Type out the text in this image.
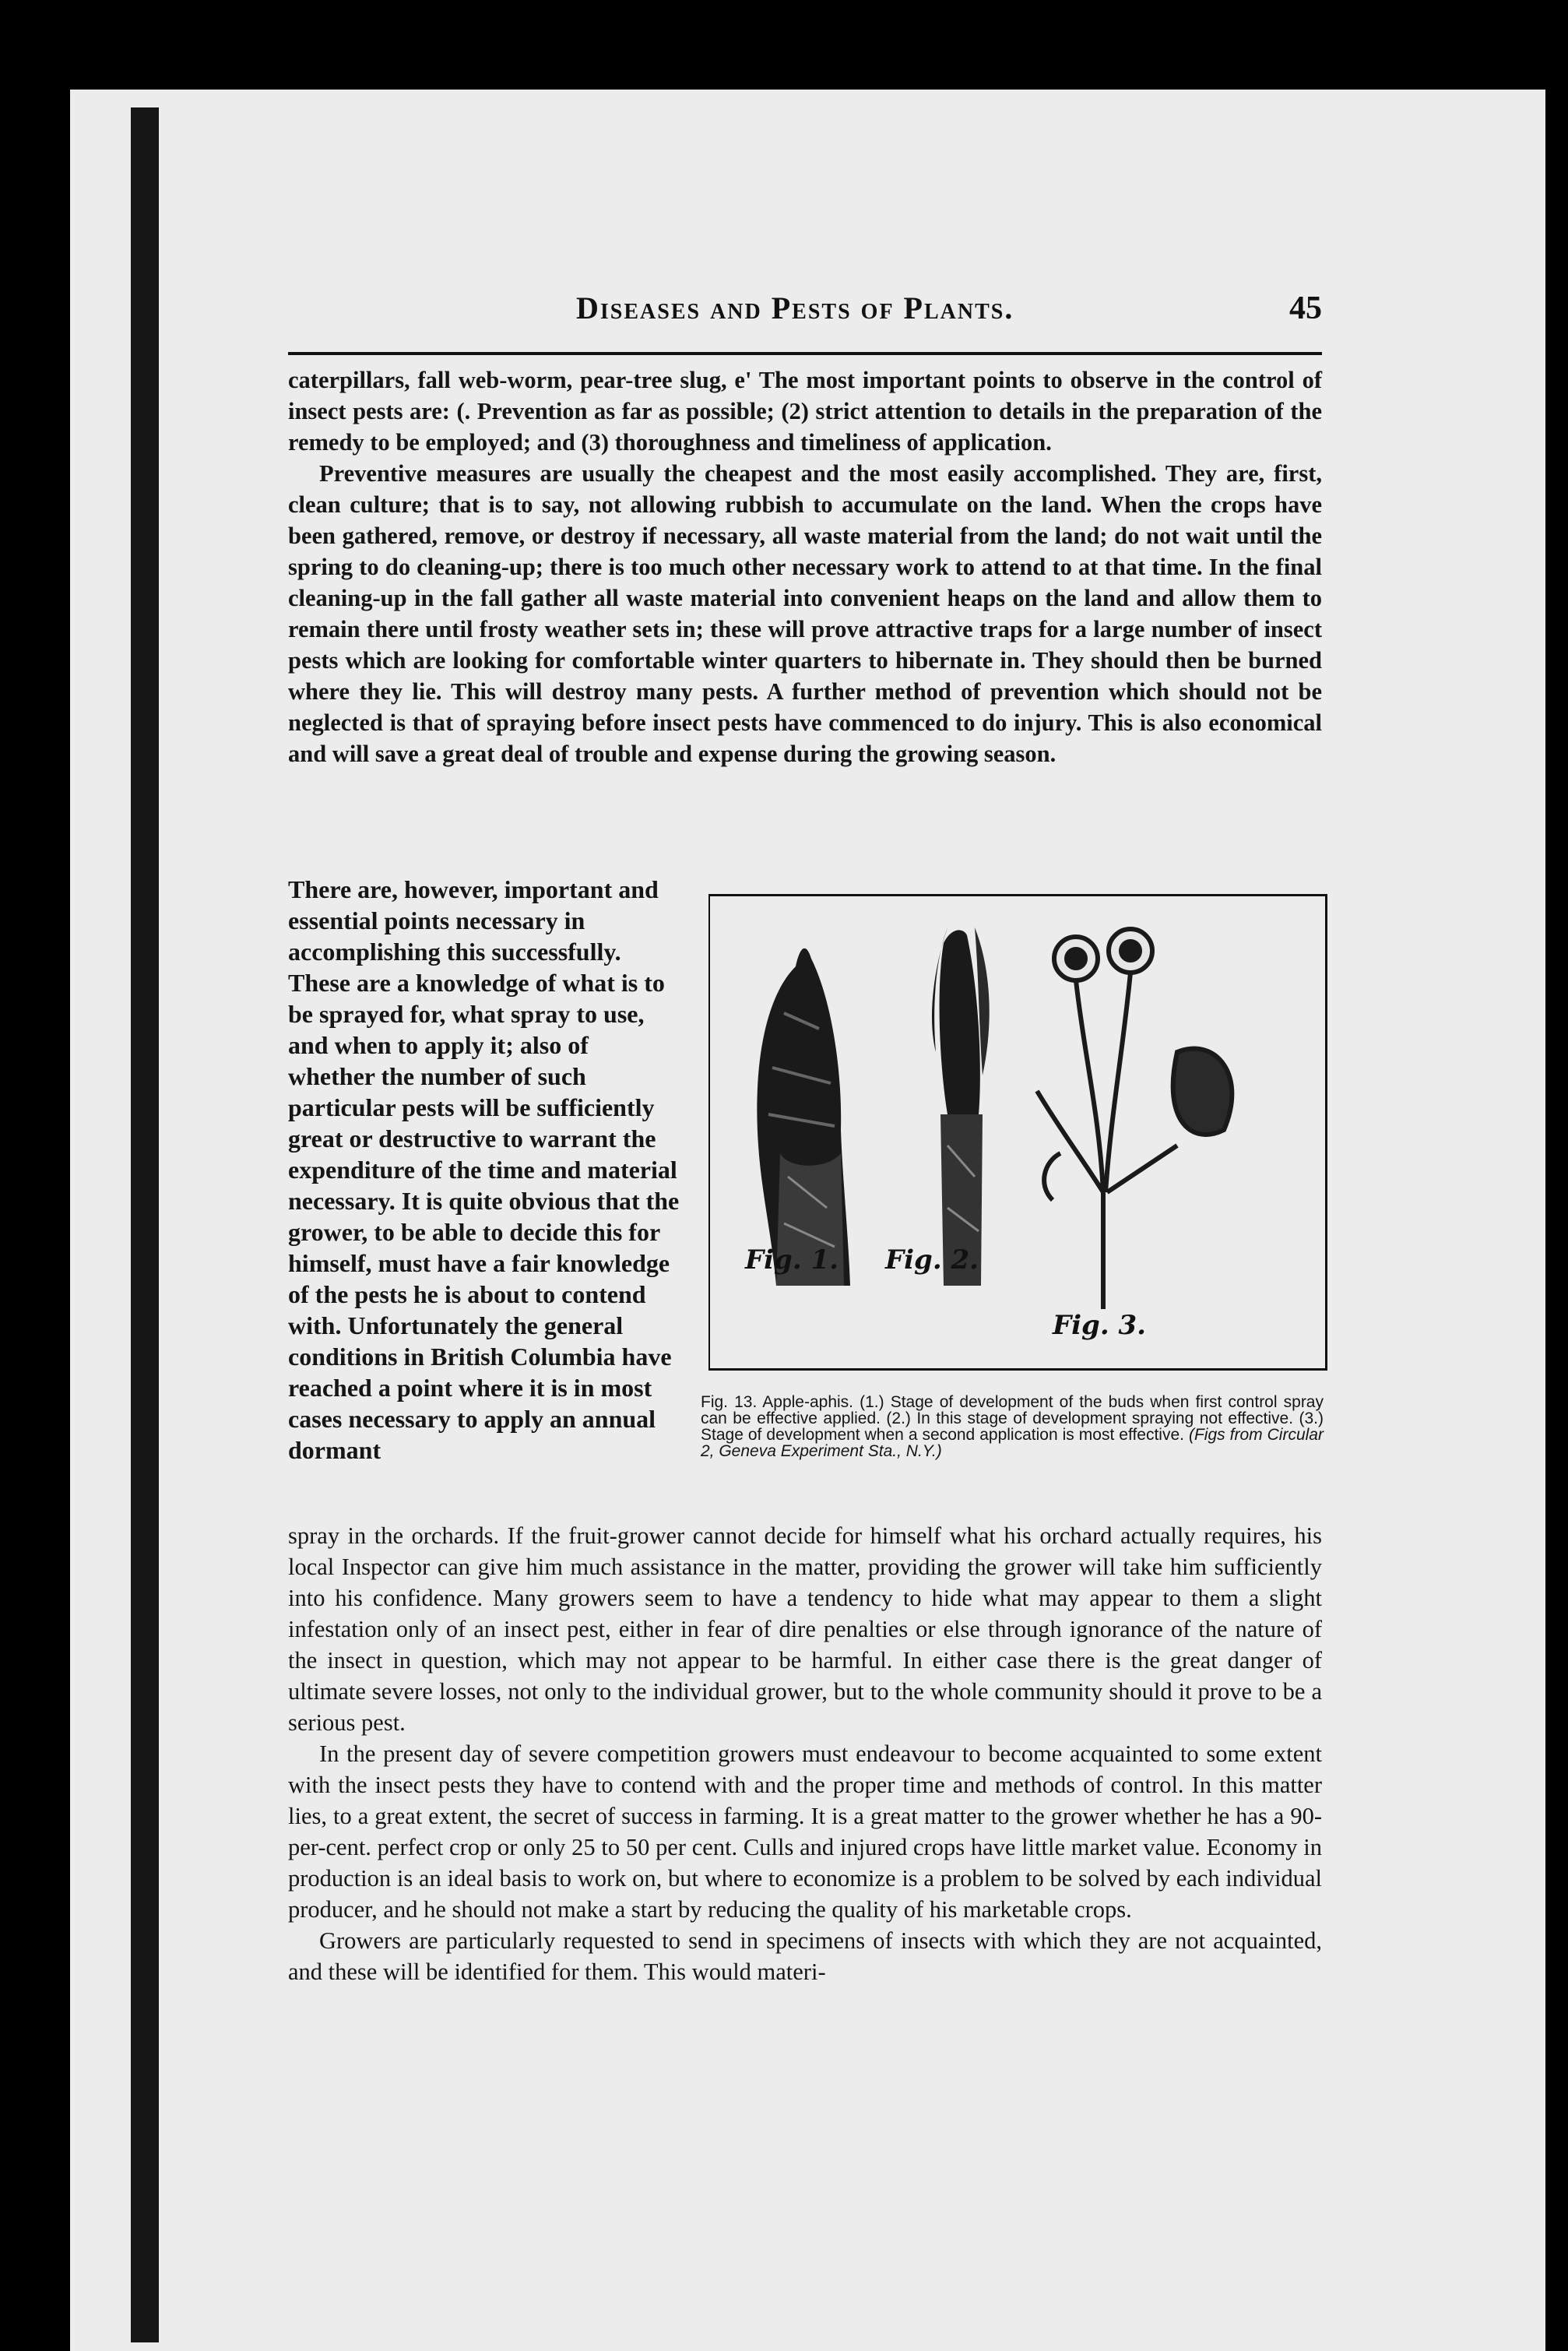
Diseases and Pests of Plants.	45

caterpillars, fall web-worm, pear-tree slug, e' The most important points to observe in the control of insect pests are: (. Prevention as far as possible; (2) strict attention to details in the preparation of the remedy to be employed; and (3) thoroughness and timeliness of application.

Preventive measures are usually the cheapest and the most easily accomplished. They are, first, clean culture; that is to say, not allowing rubbish to accumulate on the land. When the crops have been gathered, remove, or destroy if necessary, all waste material from the land; do not wait until the spring to do cleaning-up; there is too much other necessary work to attend to at that time. In the final cleaning-up in the fall gather all waste material into convenient heaps on the land and allow them to remain there until frosty weather sets in; these will prove attractive traps for a large number of insect pests which are looking for comfortable winter quarters to hibernate in. They should then be burned where they lie. This will destroy many pests. A further method of prevention which should not be neglected is that of spraying before insect pests have commenced to do injury. This is also economical and will save a great deal of trouble and expense during the growing season.

There are, however, important and essential points necessary in accomplishing this successfully. These are a knowledge of what is to be sprayed for, what spray to use, and when to apply it; also of whether the number of such particular pests will be sufficiently great or destructive to warrant the expenditure of the time and material necessary. It is quite obvious that the grower, to be able to decide this for himself, must have a fair knowledge of the pests he is about to contend with. Unfortunately the general conditions in British Columbia have reached a point where it is in most cases necessary to apply an annual dormant

Fig. 1. Fig. 2.
Fig. 3.
Fig. 13. Apple-aphis. (1.) Stage of development of the buds when first control spray can be effective applied. (2.) In this stage of development spraying not effective. (3.) Stage of development when a second application is most effective. (Figs from Circular 2, Geneva Experiment Sta., N.Y.)

spray in the orchards. If the fruit-grower cannot decide for himself what his orchard actually requires, his local Inspector can give him much assistance in the matter, providing the grower will take him sufficiently into his confidence. Many growers seem to have a tendency to hide what may appear to them a slight infestation only of an insect pest, either in fear of dire penalties or else through ignorance of the nature of the insect in question, which may not appear to be harmful. In either case there is the great danger of ultimate severe losses, not only to the individual grower, but to the whole community should it prove to be a serious pest.

In the present day of severe competition growers must endeavour to become acquainted to some extent with the insect pests they have to contend with and the proper time and methods of control. In this matter lies, to a great extent, the secret of success in farming. It is a great matter to the grower whether he has a 90-per-cent. perfect crop or only 25 to 50 per cent. Culls and injured crops have little market value. Economy in production is an ideal basis to work on, but where to economize is a problem to be solved by each individual producer, and he should not make a start by reducing the quality of his marketable crops.

Growers are particularly requested to send in specimens of insects with which they are not acquainted, and these will be identified for them. This would materi-
